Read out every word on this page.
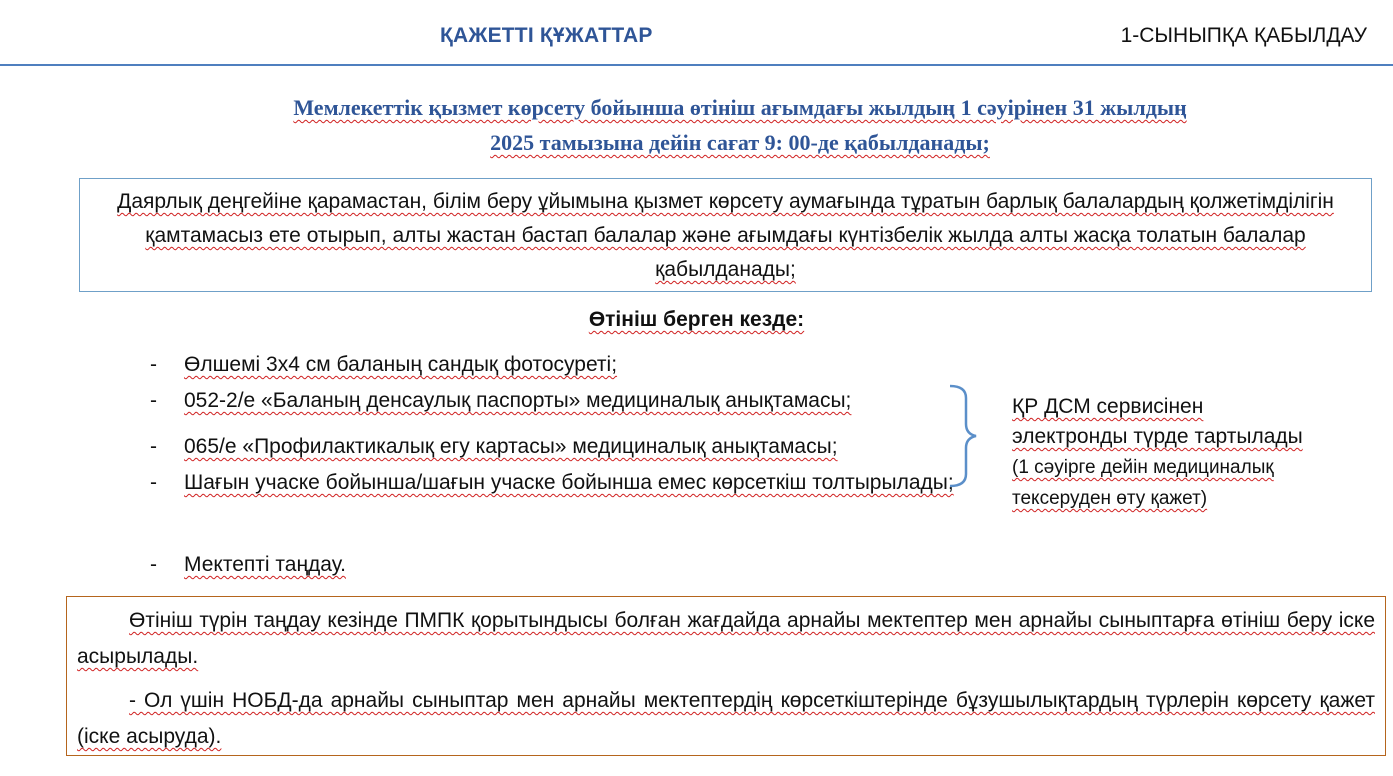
ҚАЖЕТТІ ҚҰЖАТТАР	1-СЫНЫПҚА ҚАБЫЛДАУ
Мемлекеттік қызмет көрсету бойынша өтініш ағымдағы жылдың 1 сәуірінен 31 жылдың
2025 тамызына дейін сағат 9: 00-де қабылданады;
Даярлық деңгейіне қарамастан, білім беру ұйымына қызмет көрсету аумағында тұратын барлық балалардың қолжетімділігін қамтамасыз ете отырып, алты жастан бастап балалар және ағымдағы күнтізбелік жылда алты жасқа толатын балалар қабылданады;
Өтініш берген кезде:
- Өлшемі 3х4 см баланың сандық фотосуреті;
- 052-2/е «Баланың денсаулық паспорты» медициналық анықтамасы;
- 065/е «Профилактикалық егу картасы» медициналық анықтамасы;
- Шағын учаске бойынша/шағын учаске бойынша емес көрсеткіш толтырылады;
- Мектепті таңдау.
ҚР ДСМ сервисінен электронды түрде тартылады (1 сәуірге дейін медициналық тексеруден өту қажет)

Өтініш түрін таңдау кезінде ПМПК қорытындысы болған жағдайда арнайы мектептер мен арнайы сыныптарға өтініш беру іске асырылады.

- Ол үшін НОБД-да арнайы сыныптар мен арнайы мектептердің көрсеткіштерінде бұзушылықтардың түрлерін көрсету қажет (іске асыруда).
